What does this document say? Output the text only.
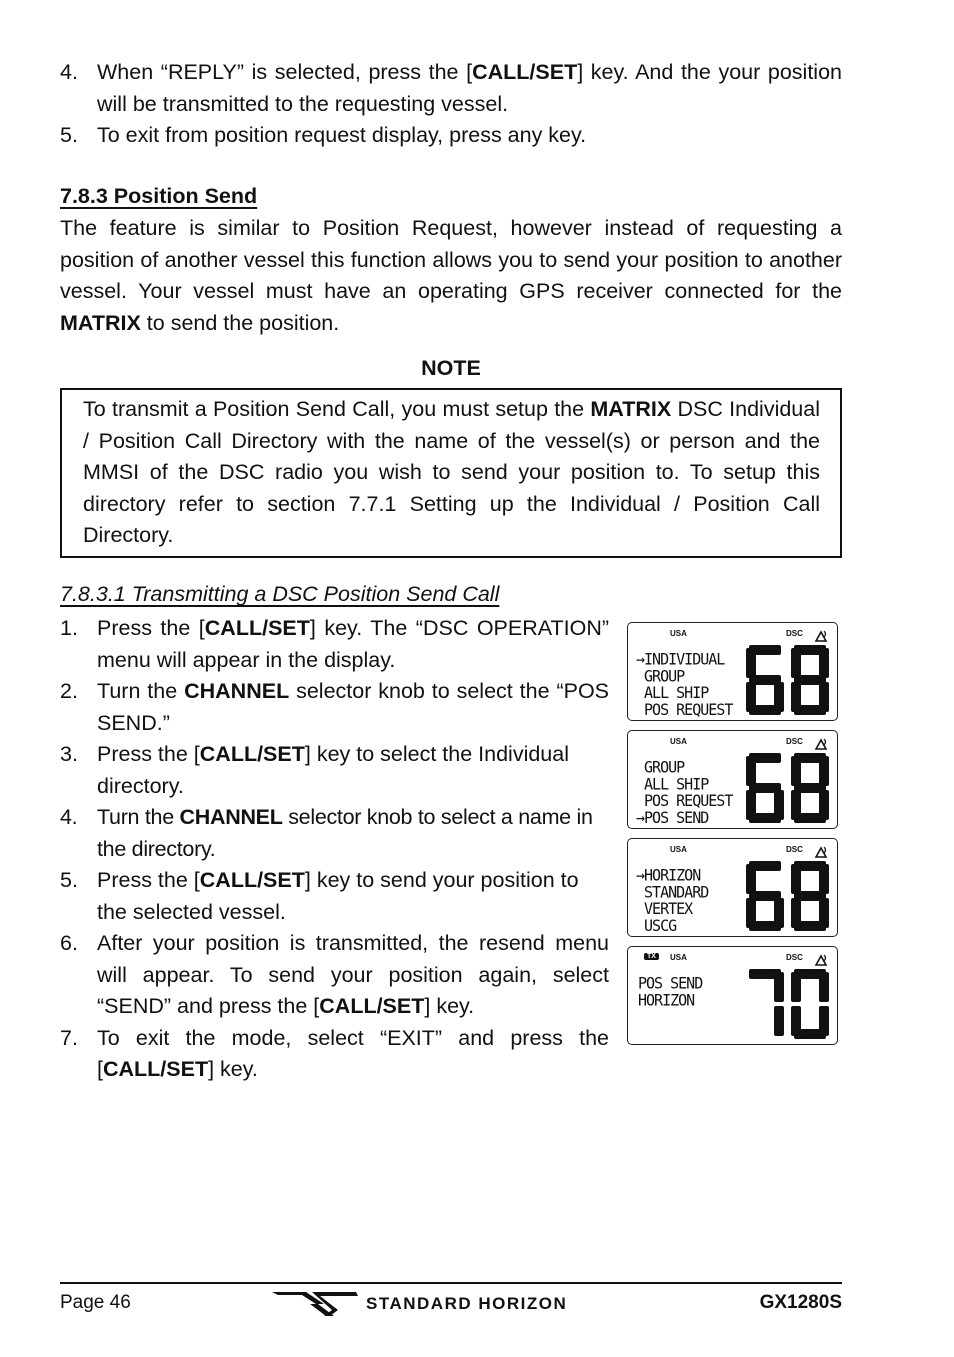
4. When “REPLY” is selected, press the [CALL/SET] key. And the your position will be transmitted to the requesting vessel.
5. To exit from position request display, press any key.
7.8.3 Position Send

The feature is similar to Position Request, however instead of requesting a position of another vessel this function allows you to send your position to another vessel. Your vessel must have an operating GPS receiver connected for the MATRIX to send the position.

NOTE
To transmit a Position Send Call, you must setup the MATRIX DSC Individual / Position Call Directory with the name of the vessel(s) or person and the MMSI of the DSC radio you wish to send your position to. To setup this directory refer to section 7.7.1 Setting up the Individual / Position Call Directory.
7.8.3.1 Transmitting a DSC Position Send Call
1. Press the [CALL/SET] key. The “DSC OPERATION” menu will appear in the display.
2. Turn the CHANNEL selector knob to select the “POS SEND.”
3. Press the [CALL/SET] key to select the Individual directory.
4. Turn the CHANNEL selector knob to select a name in the directory.
5. Press the [CALL/SET] key to send your position to the selected vessel.
6. After your position is transmitted, the resend menu will appear. To send your position again, select “SEND” and press the [CALL/SET] key.
7. To exit the mode, select “EXIT” and press the [CALL/SET] key.
USA	DSC
→INDIVIDUAL
GROUP
ALL SHIP
POS REQUEST
USA	DSC
GROUP
ALL SHIP
POS REQUEST
→POS SEND
USA	DSC
→HORIZON
STANDARD
VERTEX
USCG
TX	USA	DSC
POS SEND
HORIZON
Page 46	STANDARD HORIZON	GX1280S
